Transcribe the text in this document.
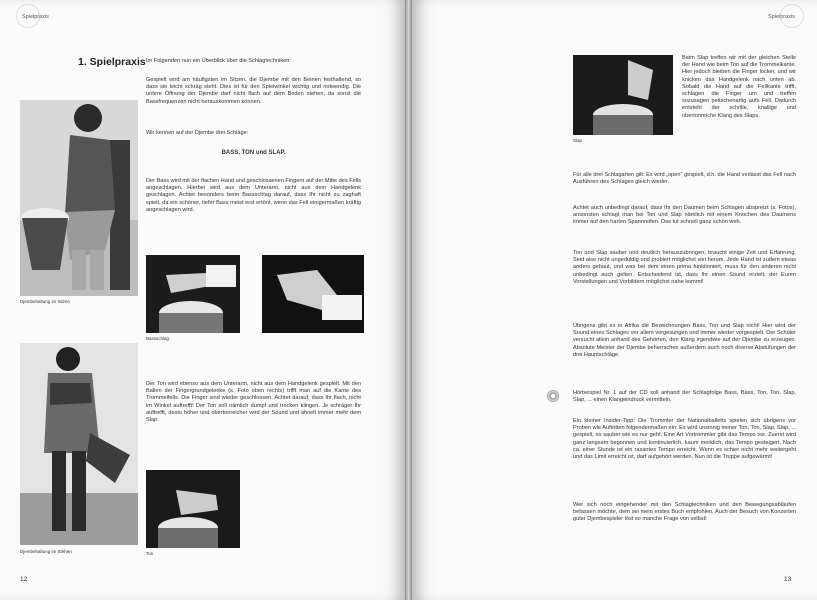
Spielpraxis
1. Spielpraxis Im Folgenden nun ein Überblick über die Schlagtechniken:
Gespielt wird am häufigsten im Sitzen, die Djembe mit den Beinen festhaltend, so dass sie leicht schräg steht. Dies ist für den Spielwinkel wichtig und notwendig. Die untere Öffnung der Djembe darf nicht flach auf dem Boden stehen, da sonst die Bassfrequenzen nicht herauskommen können.
Wir kennen auf der Djembe drei Schläge:
BASS, TON und SLAP.
Der Bass wird mit der flachen Hand und geschlossenen Fingern auf der Mitte des Fells angeschlagen. Hierbei wird aus dem Unterarm, nicht aus dem Handgelenk geschlagen. Achtet besonders beim Bassschlag darauf, dass Ihr nicht zu zaghaft spielt, da ein schöner, tiefer Bass meist erst ertönt, wenn das Fell einigermaßen kräftig angeschlagen wird.
Djembehaltung im Sitzen
Bassschlag
Djembehaltung im Stehen
Der Ton wird ebenso aus dem Unterarm, nicht aus dem Handgelenk gespielt. Mit den Ballen der Fingergrundgelenke (s. Foto oben rechts) trifft man auf die Kante des Trommelfells. Die Finger sind wieder geschlossen. Achtet darauf, dass Ihr flach, nicht im Winkel auftrefft! Der Ton soll nämlich dumpf und trocken klingen. Je schräger Ihr auftrefft, desto höher und obertonreicher wird der Sound und ähnelt immer mehr dem Slap.
Ton
12
Spielpraxis
Slap
Beim Slap treffen wir mit der gleichen Stelle der Hand wie beim Ton auf die Trommelkante. Hier jedoch bleiben die Finger locker, und wir knicken das Handgelenk nach unten ab. Sobald die Hand auf die Fellkante trifft, schlagen die Finger um und treffen sozusagen peitschenartig aufs Fell. Dadurch entsteht der schrille, knallige und obertonreiche Klang des Slaps.
Für alle drei Schlagarten gilt: Es wird „open" gespielt, d.h. die Hand verlässt das Fell nach Ausführen des Schlages gleich wieder.
Achtet auch unbedingt darauf, dass Ihr den Daumen beim Schlagen abspreizt (s. Fotos), ansonsten schlagt man bei Ton und Slap nämlich mit einem Knochen des Daumens immer auf den harten Spannreifen. Das tut schnell ganz schön weh.
Ton und Slap sauber und deutlich herauszubringen, braucht einige Zeit und Erfahrung. Seid also nicht ungeduldig und probiert möglichst viel herum. Jede Hand ist zudem etwas anders gebaut, und was bei dem einen prima funktioniert, muss für den anderen nicht unbedingt auch gelten. Entscheidend ist, dass Ihr einen Sound erzielt, der Euren Vorstellungen und Vorbildern möglichst nahe kommt!
Übrigens gibt es in Afrika die Bezeichnungen Bass, Ton und Slap nicht! Hier wird der Sound eines Schlages vor allem vorgesungen und immer wieder vorgespielt. Der Schüler versucht allein anhand des Gehörten, den Klang irgendwie auf der Djembe zu erzeugen. Absolute Meister der Djembe beherrschen außerdem auch noch diverse Abstufungen der drei Hauptschläge.
Hörbeispiel Nr. 1 auf der CD soll anhand der Schlagfolge Bass, Bass, Ton, Ton, Slap, Slap, ... einen Klangeindruck vermitteln.
Ein kleiner Insider-Tipp: Die Trommler der Nationalballetts spielen sich übrigens vor Proben wie Auftritten folgendermaßen ein: Es wird unsinnig immer Ton, Ton, Slap, Slap, ... gespielt, so sauber wie es nur geht. Eine Art Vortrommler gibt das Tempo vor. Zuerst wird ganz langsam begonnen und kontinuierlich, kaum merklich, das Tempo gesteigert. Nach ca. einer Stunde ist ein rasantes Tempo erreicht. Wenn es schier nicht mehr weitergeht und das Limit erreicht ist, darf aufgehört werden. Nun ist die Truppe aufgewärmt!
Wer sich noch eingehender mit den Schlagtechniken und den Bewegungsabläufen befassen möchte, dem sei mein erstes Buch empfohlen. Auch der Besuch von Konzerten guter Djembespieler löst so manche Frage von selbst!
13
